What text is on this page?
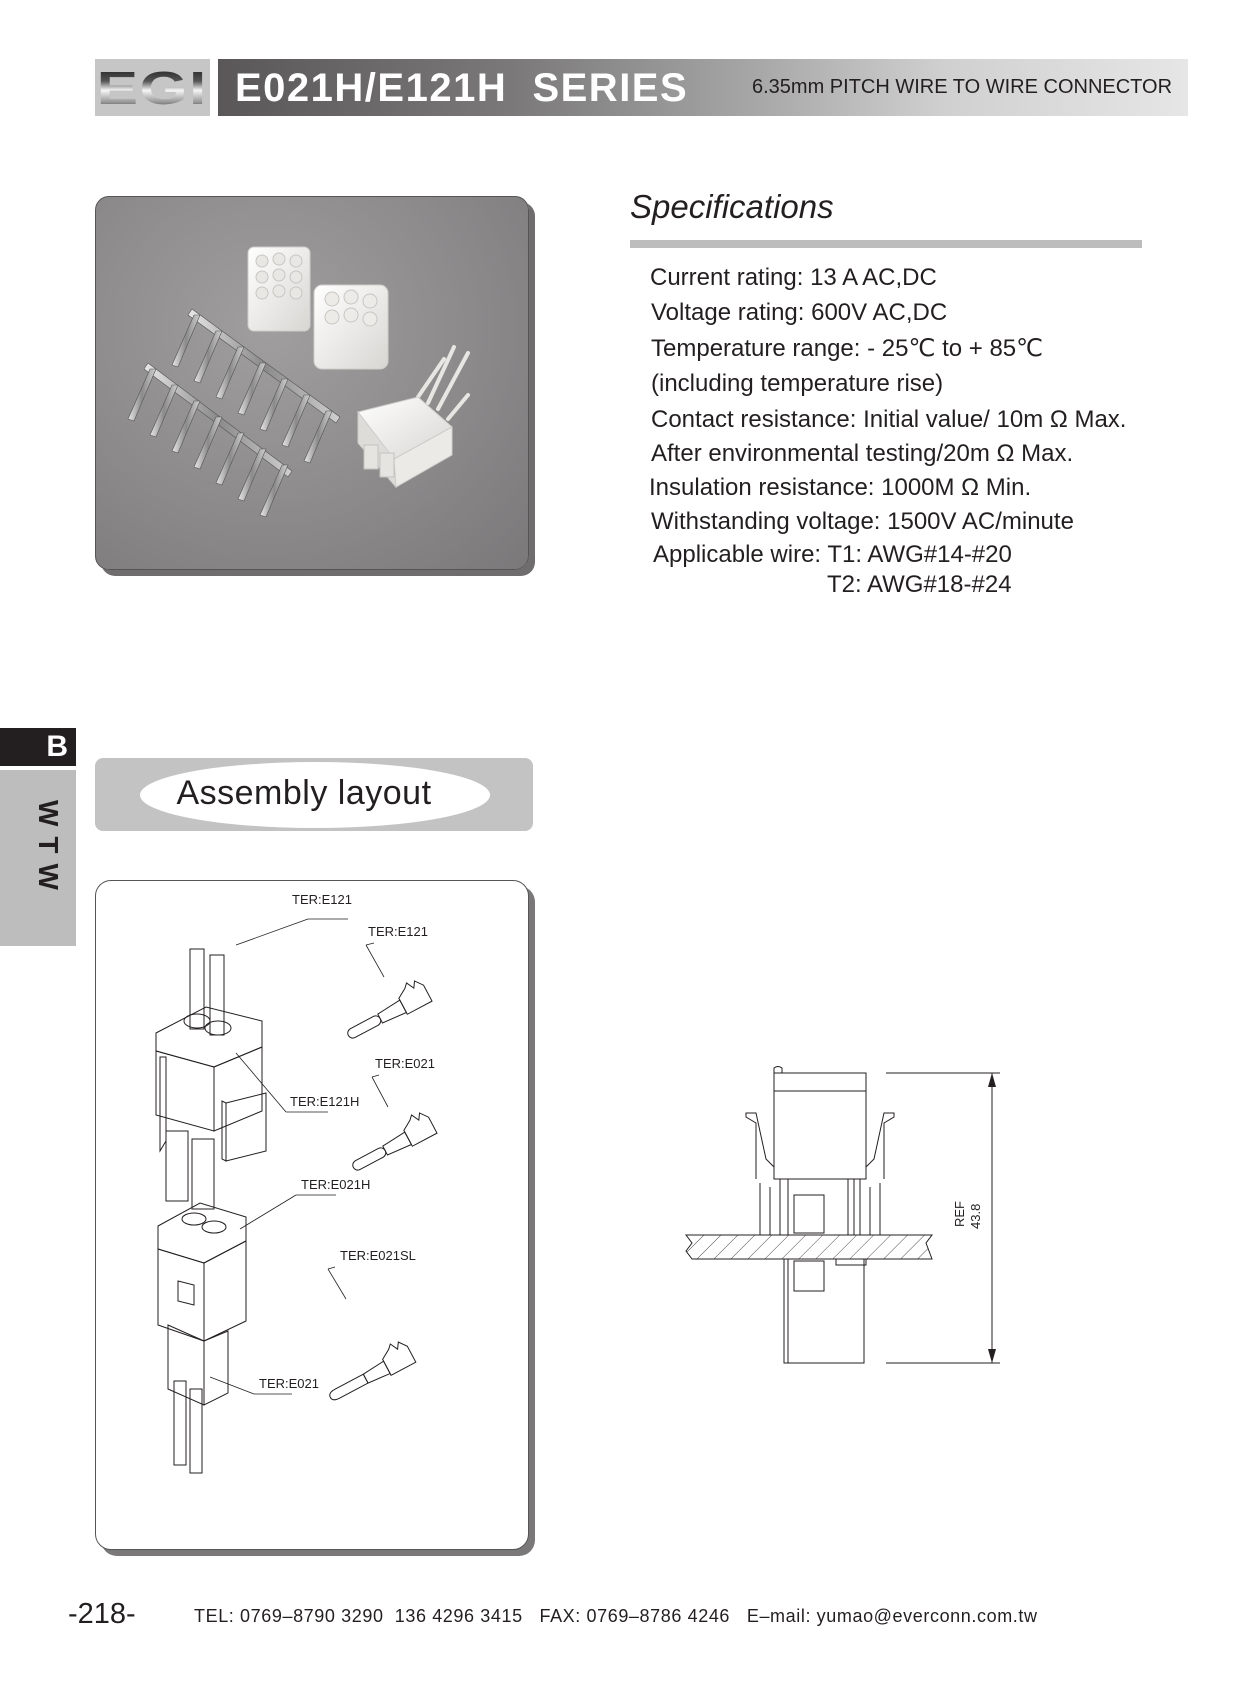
EGI E021H/E121H  SERIES	6.35mm PITCH WIRE TO WIRE CONNECTOR
Specifications
Current rating: 13 A AC,DC
Voltage rating: 600V AC,DC
Temperature range: - 25℃ to + 85℃
(including temperature rise)
Contact resistance: Initial value/ 10m Ω Max.
After environmental testing/20m Ω Max.
Insulation resistance: 1000M Ω Min.
Withstanding voltage: 1500V AC/minute
Applicable wire: T1: AWG#14-#20
T2: AWG#18-#24
B
WTW
Assembly layout
TER:E121
TER:E121
TER:E021
TER:E121H
TER:E021H
TER:E021SL
TER:E021
REF 43.8
-218-	TEL: 0769–8790 3290  136 4296 3415   FAX: 0769–8786 4246   E–mail: yumao@everconn.com.tw
